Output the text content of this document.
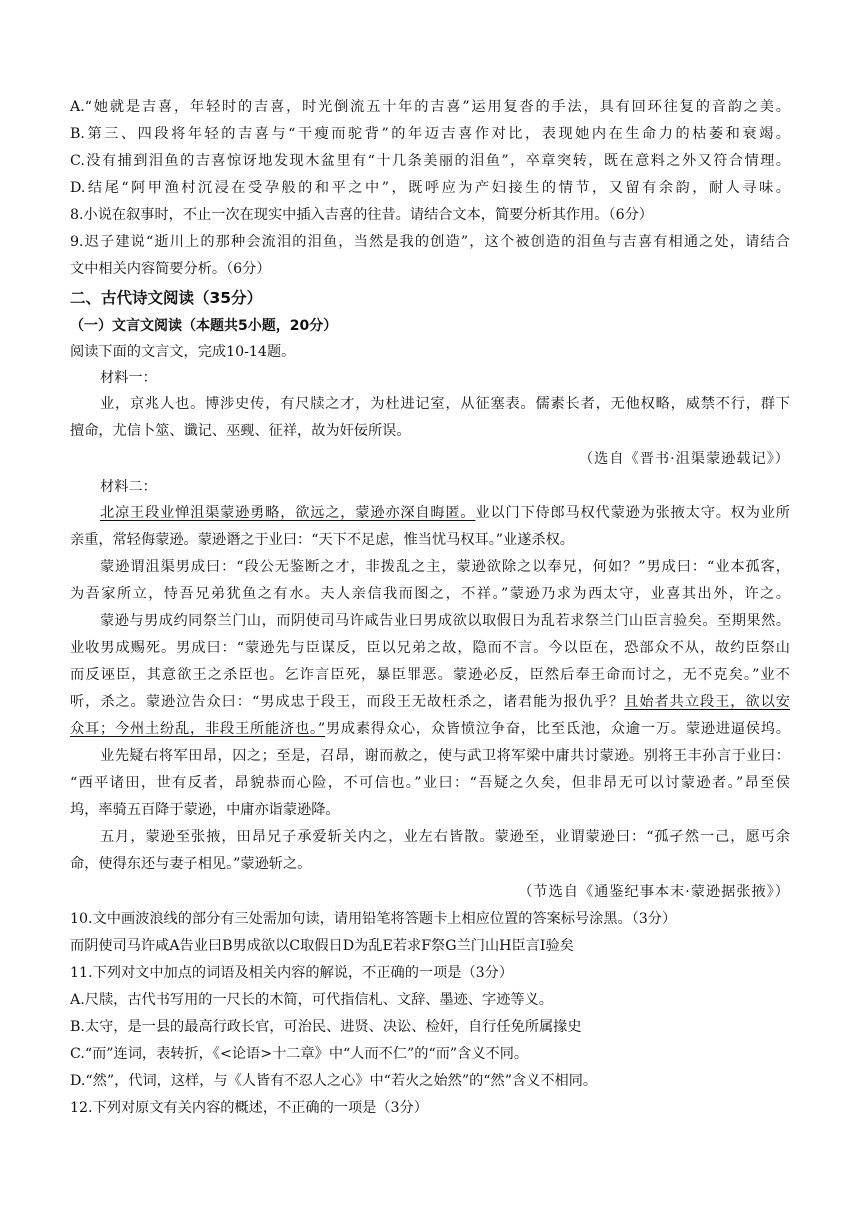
A.“她就是吉喜，年轻时的吉喜，时光倒流五十年的吉喜”运用复沓的手法，具有回环往复的音韵之美。
B.第三、四段将年轻的吉喜与“干瘦而驼背”的年迈吉喜作对比，表现她内在生命力的枯萎和衰竭。
C.没有捕到泪鱼的吉喜惊讶地发现木盆里有“十几条美丽的泪鱼”，卒章突转，既在意料之外又符合情理。
D.结尾“阿甲渔村沉浸在受孕般的和平之中”，既呼应为产妇接生的情节，又留有余韵，耐人寻味。
8.小说在叙事时，不止一次在现实中插入吉喜的往昔。请结合文本，简要分析其作用。（6分）
9.迟子建说“逝川上的那种会流泪的泪鱼，当然是我的创造”，这个被创造的泪鱼与吉喜有相通之处，请结合
文中相关内容简要分析。（6分）
二、古代诗文阅读（35分）
（一）文言文阅读（本题共5小题，20分）
阅读下面的文言文，完成10-14题。
材料一：
业，京兆人也。博涉史传，有尺牍之才，为杜进记室，从征塞表。儒素长者，无他权略，威禁不行，群下
擅命，尤信卜筮、谶记、巫觋、征祥，故为奸佞所误。
（选自《晋书·沮渠蒙逊载记》）
材料二：
北凉王段业惮沮渠蒙逊勇略，欲远之，蒙逊亦深自晦匿。业以门下侍郎马权代蒙逊为张掖太守。权为业所
亲重，常轻侮蒙逊。蒙逊谮之于业曰：“天下不足虑，惟当忧马权耳。”业遂杀权。
蒙逊谓沮渠男成曰：“段公无鉴断之才，非拨乱之主，蒙逊欲除之以奉兄，何如？”男成曰：“业本孤客，
为吾家所立，恃吾兄弟犹鱼之有水。夫人亲信我而图之，不祥。”蒙逊乃求为西太守，业喜其出外，许之。
蒙逊与男成约同祭兰门山，而阴使司马许咸告业曰男成欲以取假日为乱若求祭兰门山臣言验矣。至期果然。
业收男成赐死。男成曰：“蒙逊先与臣谋反，臣以兄弟之故，隐而不言。今以臣在，恐部众不从，故约臣祭山
而反诬臣，其意欲王之杀臣也。乞诈言臣死，暴臣罪恶。蒙逊必反，臣然后奉王命而讨之，无不克矣。”业不
听，杀之。蒙逊泣告众曰：“男成忠于段王，而段王无故枉杀之，诸君能为报仇乎？且始者共立段王，欲以安
众耳；今州土纷乱，非段王所能济也。”男成素得众心，众皆愤泣争奋，比至氐池，众逾一万。蒙逊进逼侯坞。
业先疑右将军田昂，囚之；至是，召昂，谢而赦之，使与武卫将军梁中庸共讨蒙逊。别将王丰孙言于业曰：
“西平诸田，世有反者，昂貌恭而心险，不可信也。”业曰：“吾疑之久矣，但非昂无可以讨蒙逊者。”昂至侯
坞，率骑五百降于蒙逊，中庸亦诣蒙逊降。
五月，蒙逊至张掖，田昂兄子承爱斩关内之，业左右皆散。蒙逊至，业谓蒙逊曰：“孤孑然一己，愿丐余
命，使得东还与妻子相见。”蒙逊斩之。
（节选自《通鉴纪事本末·蒙逊据张掖》）
10.文中画波浪线的部分有三处需加句读，请用铅笔将答题卡上相应位置的答案标号涂黑。（3分）
而阴使司马许咸A告业曰B男成欲以C取假日D为乱E若求F祭G兰门山H臣言I验矣
11.下列对文中加点的词语及相关内容的解说，不正确的一项是（3分）
A.尺牍，古代书写用的一尺长的木简，可代指信札、文辞、墨迹、字迹等义。
B.太守，是一县的最高行政长官，可治民、进贤、决讼、检奸，自行任免所属掾史
C.“而”连词，表转折，《<论语>十二章》中“人而不仁”的“而”含义不同。
D.“然”，代词，这样，与《人皆有不忍人之心》中“若火之始然”的“然”含义不相同。
12.下列对原文有关内容的概述，不正确的一项是（3分）
